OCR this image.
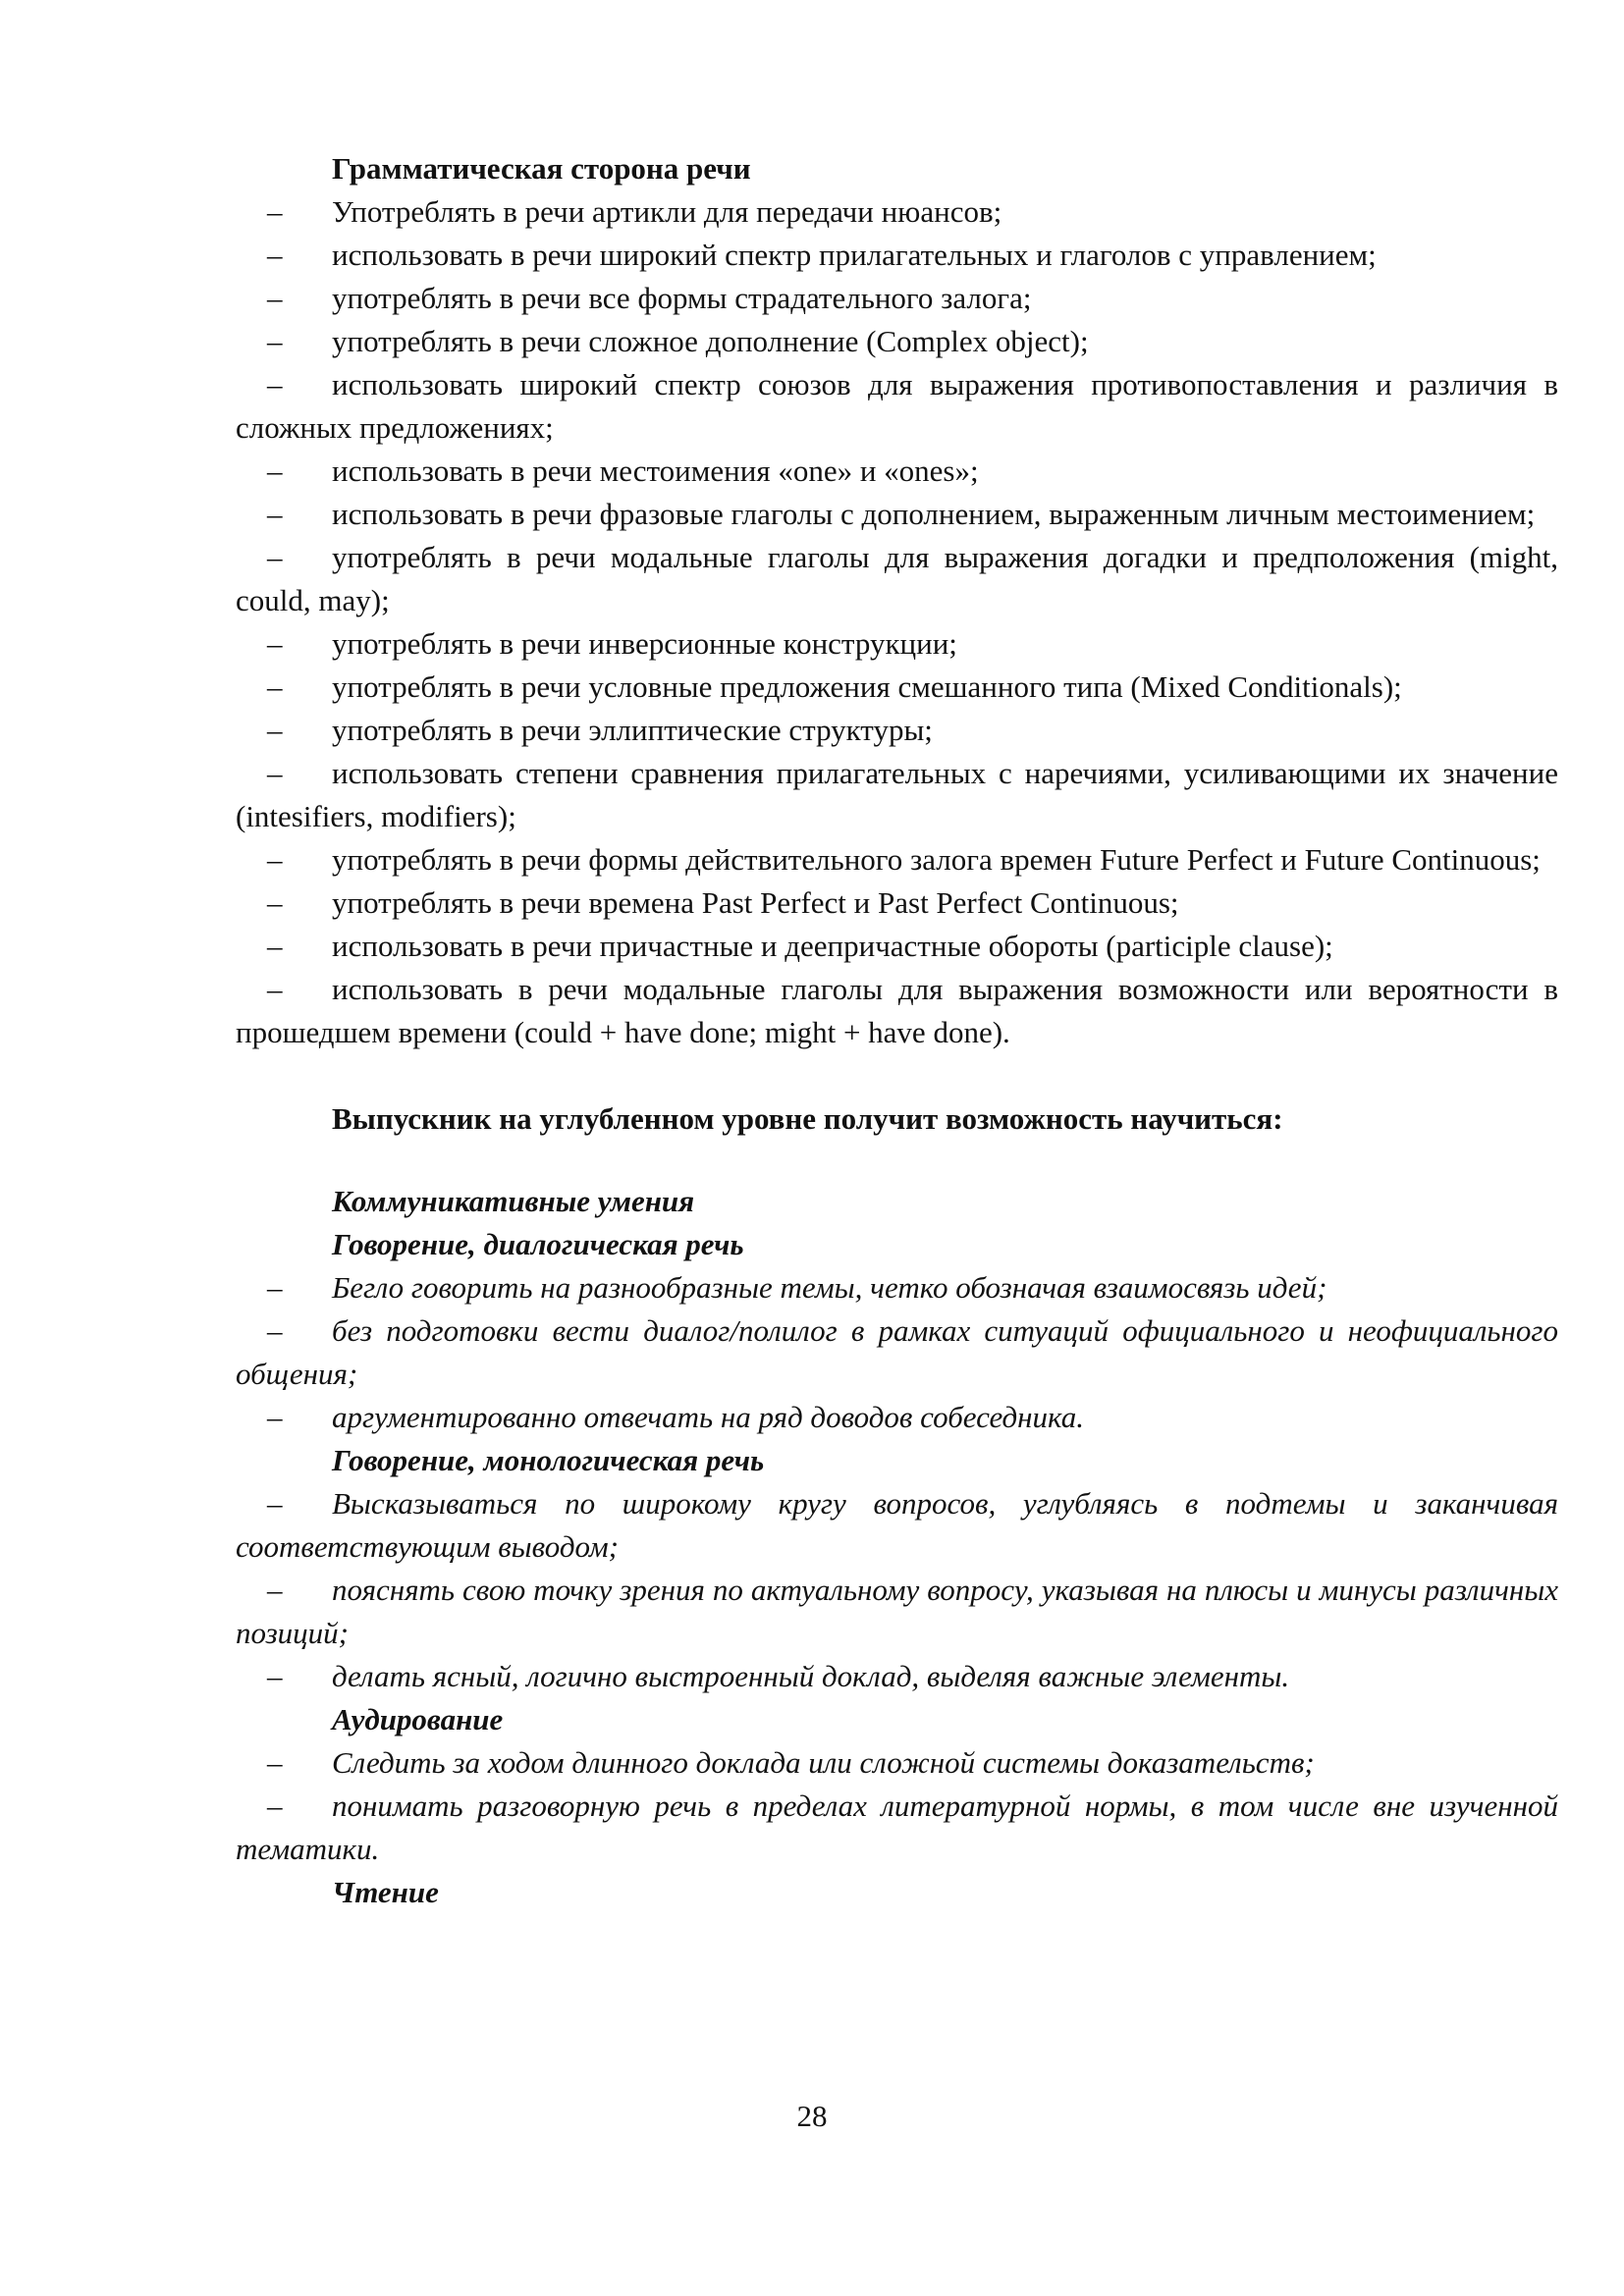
Грамматическая сторона речи

– Употреблять в речи артикли для передачи нюансов;

– использовать в речи широкий спектр прилагательных и глаголов с управлением;

– употреблять в речи все формы страдательного залога;

– употреблять в речи сложное дополнение (Complex object);

– использовать широкий спектр союзов для выражения противопоставления и различия в сложных предложениях;

– использовать в речи местоимения «one» и «ones»;

– использовать в речи фразовые глаголы с дополнением, выраженным личным местоимением;

– употреблять в речи модальные глаголы для выражения догадки и предположения (might, could, may);

– употреблять в речи инверсионные конструкции;

– употреблять в речи условные предложения смешанного типа (Mixed Conditionals);

– употреблять в речи эллиптические структуры;

– использовать степени сравнения прилагательных с наречиями, усиливающими их значение (intesifiers, modifiers);

– употреблять в речи формы действительного залога времен Future Perfect и Future Continuous;

– употреблять в речи времена Past Perfect и Past Perfect Continuous;

– использовать в речи причастные и деепричастные обороты (participle clause);

– использовать в речи модальные глаголы для выражения возможности или вероятности в прошедшем времени (could + have done; might + have done).

Выпускник на углубленном уровне получит возможность научиться:
Коммуникативные умения
Говорение, диалогическая речь

– Бегло говорить на разнообразные темы, четко обозначая взаимосвязь идей;

– без подготовки вести диалог/полилог в рамках ситуаций официального и неофициального общения;

– аргументированно отвечать на ряд доводов собеседника.

Говорение, монологическая речь

– Высказываться по широкому кругу вопросов, углубляясь в подтемы и заканчивая соответствующим выводом;

– пояснять свою точку зрения по актуальному вопросу, указывая на плюсы и минусы различных позиций;

– делать ясный, логично выстроенный доклад, выделяя важные элементы.

Аудирование

– Следить за ходом длинного доклада или сложной системы доказательств;

– понимать разговорную речь в пределах литературной нормы, в том числе вне изученной тематики.

Чтение
28
